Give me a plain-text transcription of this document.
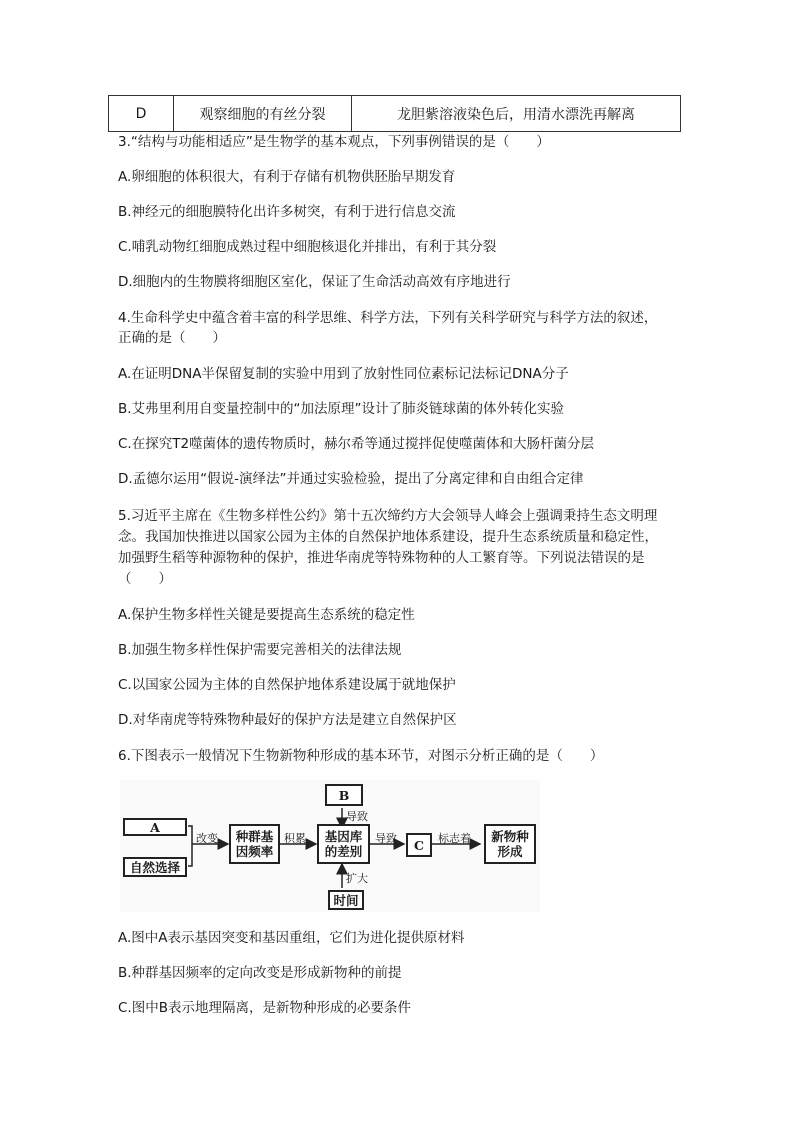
D	观察细胞的有丝分裂	龙胆紫溶液染色后，用清水漂洗再解离
3.“结构与功能相适应”是生物学的基本观点，下列事例错误的是（　　）
A.卵细胞的体积很大，有利于存储有机物供胚胎早期发育
B.神经元的细胞膜特化出许多树突，有利于进行信息交流
C.哺乳动物红细胞成熟过程中细胞核退化并排出，有利于其分裂
D.细胞内的生物膜将细胞区室化，保证了生命活动高效有序地进行
4.生命科学史中蕴含着丰富的科学思维、科学方法，下列有关科学研究与科学方法的叙述，
正确的是（　　）
A.在证明DNA半保留复制的实验中用到了放射性同位素标记法标记DNA分子
B.艾弗里利用自变量控制中的“加法原理”设计了肺炎链球菌的体外转化实验
C.在探究T2噬菌体的遗传物质时，赫尔希等通过搅拌促使噬菌体和大肠杆菌分层
D.孟德尔运用“假说-演绎法”并通过实验检验，提出了分离定律和自由组合定律
5.习近平主席在《生物多样性公约》第十五次缔约方大会领导人峰会上强调秉持生态文明理
念。我国加快推进以国家公园为主体的自然保护地体系建设，提升生态系统质量和稳定性，
加强野生稻等种源物种的保护，推进华南虎等特殊物种的人工繁育等。下列说法错误的是
（　　）
A.保护生物多样性关键是要提高生态系统的稳定性
B.加强生物多样性保护需要完善相关的法律法规
C.以国家公园为主体的自然保护地体系建设属于就地保护
D.对华南虎等特殊物种最好的保护方法是建立自然保护区
6.下图表示一般情况下生物新物种形成的基本环节，对图示分析正确的是（　　）
A
自然选择
种群基
因频率
基因库
的差别
B
时间
C
新物种
形成
改变	积累
导致
导致
扩大
标志着
A.图中A表示基因突变和基因重组，它们为进化提供原材料
B.种群基因频率的定向改变是形成新物种的前提
C.图中B表示地理隔离，是新物种形成的必要条件
